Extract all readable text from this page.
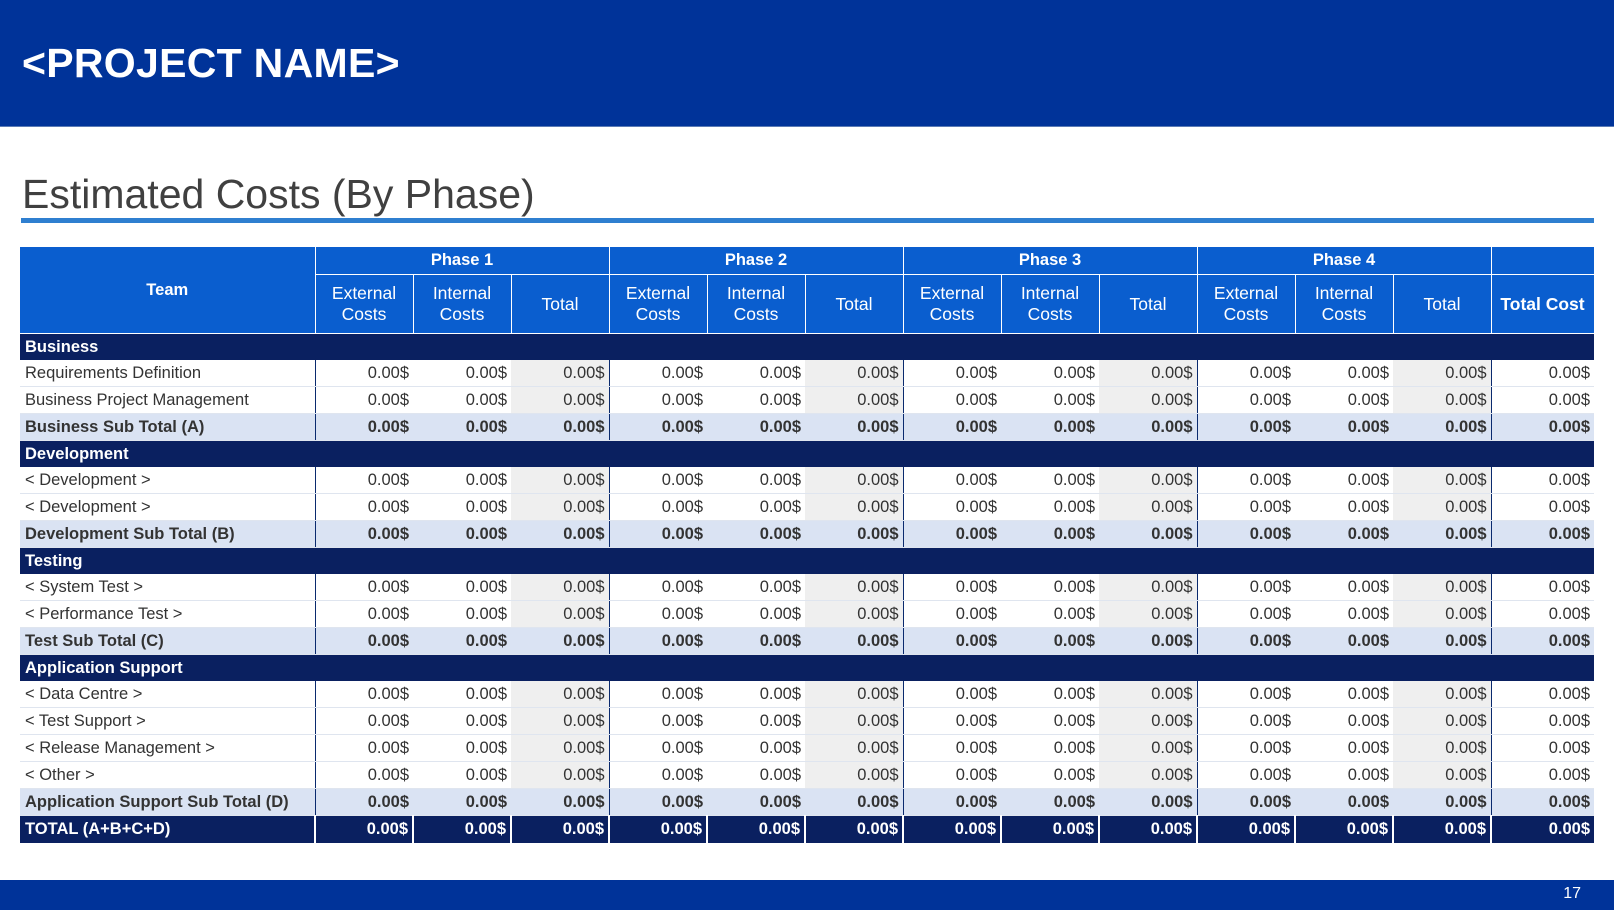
<PROJECT NAME>
Estimated Costs (By Phase)
Team	Phase 1			Phase 2			Phase 3			Phase 4			
	External Costs	Internal Costs	Total	External Costs	Internal Costs	Total	External Costs	Internal Costs	Total	External Costs	Internal Costs	Total	Total Cost
Business													
Requirements Definition	0.00$	0.00$	0.00$	0.00$	0.00$	0.00$	0.00$	0.00$	0.00$	0.00$	0.00$	0.00$	0.00$
Business Project Management	0.00$	0.00$	0.00$	0.00$	0.00$	0.00$	0.00$	0.00$	0.00$	0.00$	0.00$	0.00$	0.00$
Business Sub Total (A)	0.00$	0.00$	0.00$	0.00$	0.00$	0.00$	0.00$	0.00$	0.00$	0.00$	0.00$	0.00$	0.00$
Development													
< Development >	0.00$	0.00$	0.00$	0.00$	0.00$	0.00$	0.00$	0.00$	0.00$	0.00$	0.00$	0.00$	0.00$
< Development >	0.00$	0.00$	0.00$	0.00$	0.00$	0.00$	0.00$	0.00$	0.00$	0.00$	0.00$	0.00$	0.00$
Development Sub Total (B)	0.00$	0.00$	0.00$	0.00$	0.00$	0.00$	0.00$	0.00$	0.00$	0.00$	0.00$	0.00$	0.00$
Testing													
< System Test >	0.00$	0.00$	0.00$	0.00$	0.00$	0.00$	0.00$	0.00$	0.00$	0.00$	0.00$	0.00$	0.00$
< Performance Test >	0.00$	0.00$	0.00$	0.00$	0.00$	0.00$	0.00$	0.00$	0.00$	0.00$	0.00$	0.00$	0.00$
Test Sub Total (C)	0.00$	0.00$	0.00$	0.00$	0.00$	0.00$	0.00$	0.00$	0.00$	0.00$	0.00$	0.00$	0.00$
Application Support													
< Data Centre >	0.00$	0.00$	0.00$	0.00$	0.00$	0.00$	0.00$	0.00$	0.00$	0.00$	0.00$	0.00$	0.00$
< Test Support >	0.00$	0.00$	0.00$	0.00$	0.00$	0.00$	0.00$	0.00$	0.00$	0.00$	0.00$	0.00$	0.00$
< Release Management >	0.00$	0.00$	0.00$	0.00$	0.00$	0.00$	0.00$	0.00$	0.00$	0.00$	0.00$	0.00$	0.00$
< Other >	0.00$	0.00$	0.00$	0.00$	0.00$	0.00$	0.00$	0.00$	0.00$	0.00$	0.00$	0.00$	0.00$
Application Support Sub Total (D)	0.00$	0.00$	0.00$	0.00$	0.00$	0.00$	0.00$	0.00$	0.00$	0.00$	0.00$	0.00$	0.00$
TOTAL (A+B+C+D)	0.00$	0.00$	0.00$	0.00$	0.00$	0.00$	0.00$	0.00$	0.00$	0.00$	0.00$	0.00$	0.00$
17
